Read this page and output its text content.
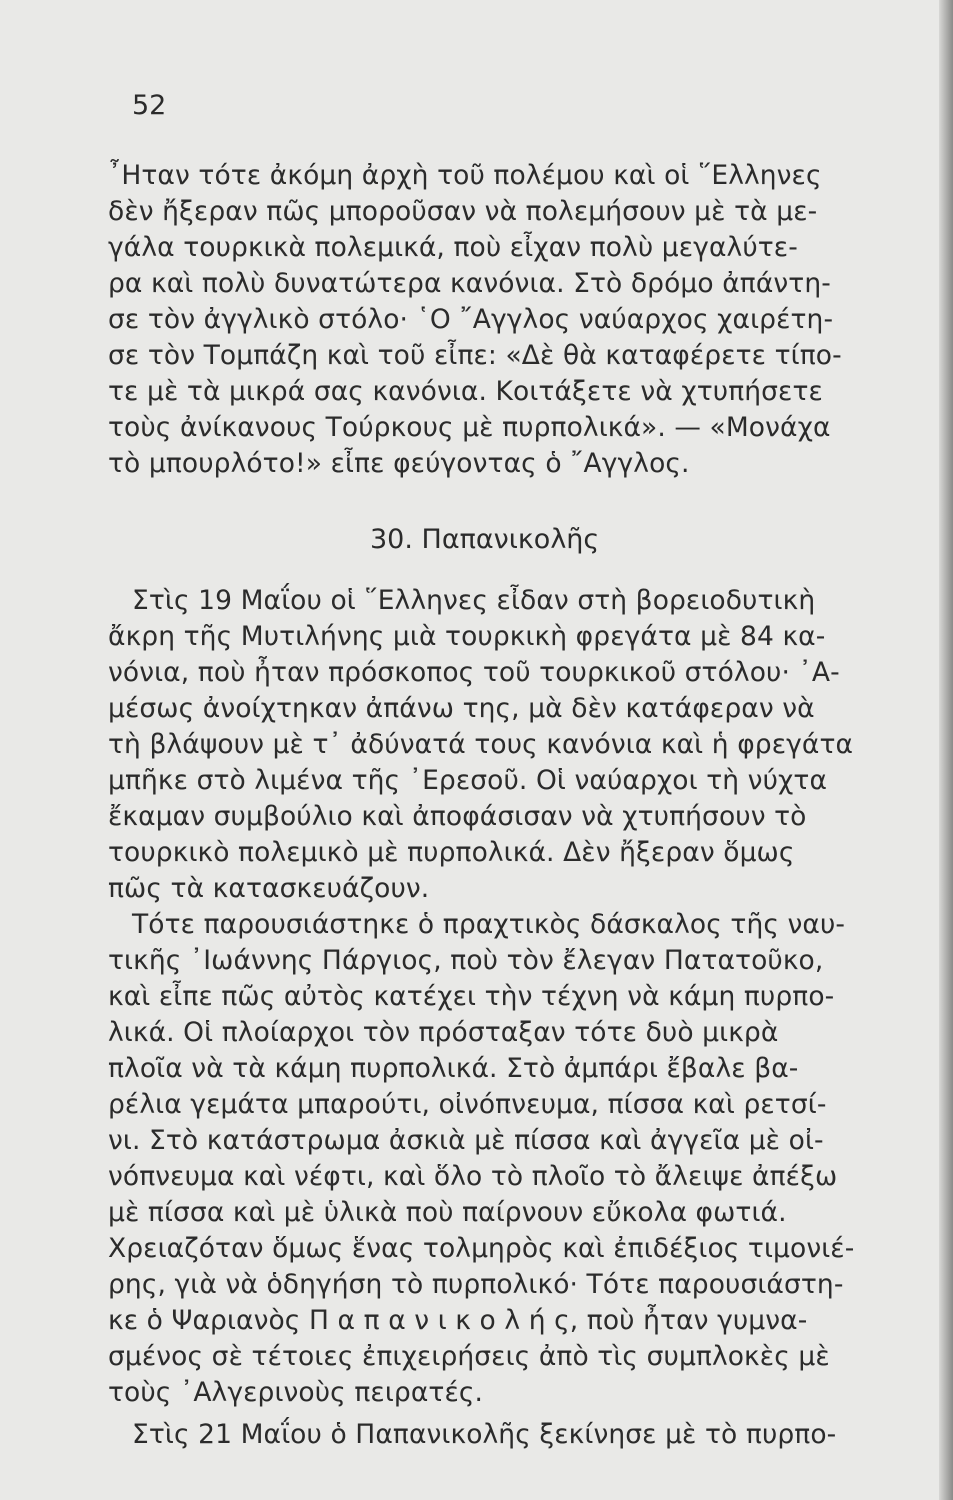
52
῏Ηταν τότε ἀκόμη ἀρχὴ τοῦ πολέμου καὶ οἱ ῞Ελληνες
δὲν ἤξεραν πῶς μποροῦσαν νὰ πολεμήσουν μὲ τὰ με-
γάλα τουρκικὰ πολεμικά, ποὺ εἶχαν πολὺ μεγαλύτε-
ρα καὶ πολὺ δυνατώτερα κανόνια. Στὸ δρόμο ἀπάντη-
σε τὸν ἀγγλικὸ στόλο· ῾Ο ῎Αγγλος ναύαρχος χαιρέτη-
σε τὸν Τομπάζη καὶ τοῦ εἶπε: «Δὲ θὰ καταφέρετε τίπο-
τε μὲ τὰ μικρά σας κανόνια. Κοιτάξετε νὰ χτυπήσετε
τοὺς ἀνίκανους Τούρκους μὲ πυρπολικά». — «Μονάχα
τὸ μπουρλότο!» εἶπε φεύγοντας ὁ ῎Αγγλος.
30. Παπανικολῆς
Στὶς 19 Μαΐου οἱ ῞Ελληνες εἶδαν στὴ βορειοδυτικὴ
ἄκρη τῆς Μυτιλήνης μιὰ τουρκικὴ φρεγάτα μὲ 84 κα-
νόνια, ποὺ ἦταν πρόσκοπος τοῦ τουρκικοῦ στόλου· ᾿Α-
μέσως ἀνοίχτηκαν ἀπάνω της, μὰ δὲν κατάφεραν νὰ
τὴ βλάψουν μὲ τ᾿ ἀδύνατά τους κανόνια καὶ ἡ φρεγάτα
μπῆκε στὸ λιμένα τῆς ᾿Ερεσοῦ. Οἱ ναύαρχοι τὴ νύχτα
ἔκαμαν συμβούλιο καὶ ἀποφάσισαν νὰ χτυπήσουν τὸ
τουρκικὸ πολεμικὸ μὲ πυρπολικά. Δὲν ἤξεραν ὅμως
πῶς τὰ κατασκευάζουν.
Τότε παρουσιάστηκε ὁ πραχτικὸς δάσκαλος τῆς ναυ-
τικῆς ᾿Ιωάννης Πάργιος, ποὺ τὸν ἔλεγαν Πατατοῦκο,
καὶ εἶπε πῶς αὐτὸς κατέχει τὴν τέχνη νὰ κάμη πυρπο-
λικά. Οἱ πλοίαρχοι τὸν πρόσταξαν τότε δυὸ μικρὰ
πλοῖα νὰ τὰ κάμη πυρπολικά. Στὸ ἀμπάρι ἔβαλε βα-
ρέλια γεμάτα μπαρούτι, οἰνόπνευμα, πίσσα καὶ ρετσί-
νι. Στὸ κατάστρωμα ἀσκιὰ μὲ πίσσα καὶ ἀγγεῖα μὲ οἰ-
νόπνευμα καὶ νέφτι, καὶ ὅλο τὸ πλοῖο τὸ ἄλειψε ἀπέξω
μὲ πίσσα καὶ μὲ ὑλικὰ ποὺ παίρνουν εὔκολα φωτιά.
Χρειαζόταν ὅμως ἕνας τολμηρὸς καὶ ἐπιδέξιος τιμονιέ-
ρης, γιὰ νὰ ὁδηγήση τὸ πυρπολικό· Τότε παρουσιάστη-
κε ὁ Ψαριανὸς Π α π α ν ι κ ο λ ή ς, ποὺ ἦταν γυμνα-
σμένος σὲ τέτοιες ἐπιχειρήσεις ἀπὸ τὶς συμπλοκὲς μὲ
τοὺς ᾿Αλγερινοὺς πειρατές.
Στὶς 21 Μαΐου ὁ Παπανικολῆς ξεκίνησε μὲ τὸ πυρπο-
